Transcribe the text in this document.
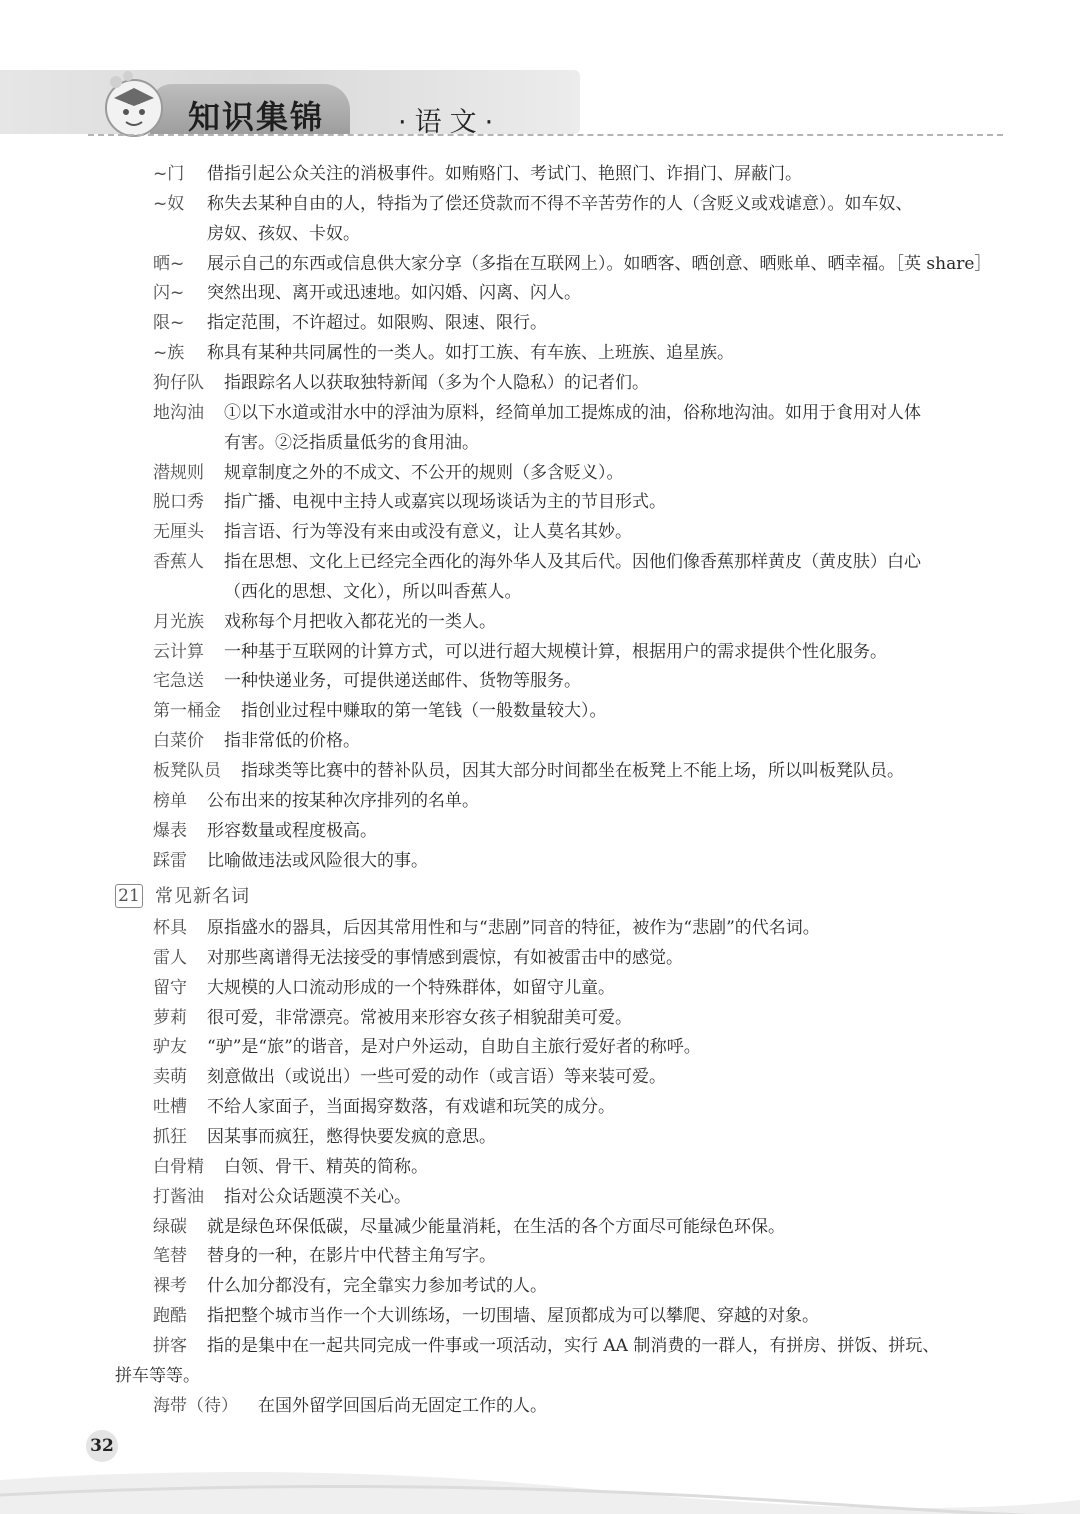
知识集锦	·语文·
~门 借指引起公众关注的消极事件。如贿赂门、考试门、艳照门、诈捐门、屏蔽门。
~奴 称失去某种自由的人，特指为了偿还贷款而不得不辛苦劳作的人（含贬义或戏谑意）。如车奴、
房奴、孩奴、卡奴。
晒~ 展示自己的东西或信息供大家分享（多指在互联网上）。如晒客、晒创意、晒账单、晒幸福。［英 share］
闪~ 突然出现、离开或迅速地。如闪婚、闪离、闪人。
限~ 指定范围，不许超过。如限购、限速、限行。
~族 称具有某种共同属性的一类人。如打工族、有车族、上班族、追星族。
狗仔队 指跟踪名人以获取独特新闻（多为个人隐私）的记者们。
地沟油 ①以下水道或泔水中的浮油为原料，经简单加工提炼成的油，俗称地沟油。如用于食用对人体
有害。②泛指质量低劣的食用油。
潜规则 规章制度之外的不成文、不公开的规则（多含贬义）。
脱口秀 指广播、电视中主持人或嘉宾以现场谈话为主的节目形式。
无厘头 指言语、行为等没有来由或没有意义，让人莫名其妙。
香蕉人 指在思想、文化上已经完全西化的海外华人及其后代。因他们像香蕉那样黄皮（黄皮肤）白心
（西化的思想、文化），所以叫香蕉人。
月光族 戏称每个月把收入都花光的一类人。
云计算 一种基于互联网的计算方式，可以进行超大规模计算，根据用户的需求提供个性化服务。
宅急送 一种快递业务，可提供递送邮件、货物等服务。
第一桶金 指创业过程中赚取的第一笔钱（一般数量较大）。
白菜价 指非常低的价格。
板凳队员 指球类等比赛中的替补队员，因其大部分时间都坐在板凳上不能上场，所以叫板凳队员。
榜单 公布出来的按某种次序排列的名单。
爆表 形容数量或程度极高。
踩雷 比喻做违法或风险很大的事。
21 常见新名词
杯具 原指盛水的器具，后因其常用性和与“悲剧”同音的特征，被作为“悲剧”的代名词。
雷人 对那些离谱得无法接受的事情感到震惊，有如被雷击中的感觉。
留守 大规模的人口流动形成的一个特殊群体，如留守儿童。
萝莉 很可爱，非常漂亮。常被用来形容女孩子相貌甜美可爱。
驴友 “驴”是“旅”的谐音，是对户外运动，自助自主旅行爱好者的称呼。
卖萌 刻意做出（或说出）一些可爱的动作（或言语）等来装可爱。
吐槽 不给人家面子，当面揭穿数落，有戏谑和玩笑的成分。
抓狂 因某事而疯狂，憋得快要发疯的意思。
白骨精 白领、骨干、精英的简称。
打酱油 指对公众话题漠不关心。
绿碳 就是绿色环保低碳，尽量减少能量消耗，在生活的各个方面尽可能绿色环保。
笔替 替身的一种，在影片中代替主角写字。
裸考 什么加分都没有，完全靠实力参加考试的人。
跑酷 指把整个城市当作一个大训练场，一切围墙、屋顶都成为可以攀爬、穿越的对象。
拼客 指的是集中在一起共同完成一件事或一项活动，实行 AA 制消费的一群人，有拼房、拼饭、拼玩、
拼车等等。
海带（待） 在国外留学回国后尚无固定工作的人。
32
